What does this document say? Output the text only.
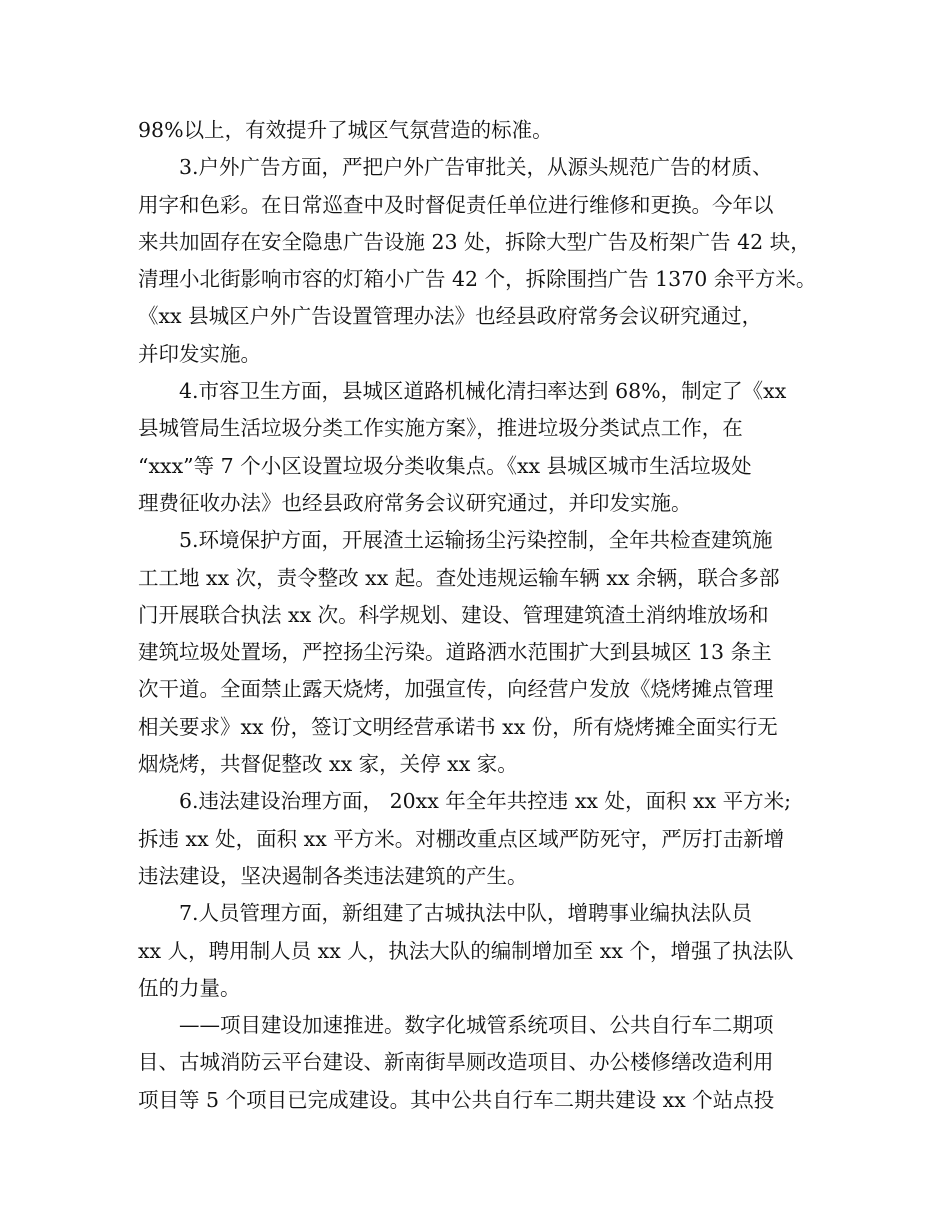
98%以上，有效提升了城区气氛营造的标准。
3.户外广告方面，严把户外广告审批关，从源头规范广告的材质、
用字和色彩。在日常巡查中及时督促责任单位进行维修和更换。今年以
来共加固存在安全隐患广告设施 23 处，拆除大型广告及桁架广告 42 块，
清理小北街影响市容的灯箱小广告 42 个，拆除围挡广告 1370 余平方米。
《xx 县城区户外广告设置管理办法》也经县政府常务会议研究通过，
并印发实施。
4.市容卫生方面，县城区道路机械化清扫率达到 68%，制定了《xx
县城管局生活垃圾分类工作实施方案》，推进垃圾分类试点工作，在
“xxx”等 7 个小区设置垃圾分类收集点。《xx 县城区城市生活垃圾处
理费征收办法》也经县政府常务会议研究通过，并印发实施。
5.环境保护方面，开展渣土运输扬尘污染控制，全年共检查建筑施
工工地 xx 次，责令整改 xx 起。查处违规运输车辆 xx 余辆，联合多部
门开展联合执法 xx 次。科学规划、建设、管理建筑渣土消纳堆放场和
建筑垃圾处置场，严控扬尘污染。道路洒水范围扩大到县城区 13 条主
次干道。全面禁止露天烧烤，加强宣传，向经营户发放《烧烤摊点管理
相关要求》xx 份，签订文明经营承诺书 xx 份，所有烧烤摊全面实行无
烟烧烤，共督促整改 xx 家，关停 xx 家。
6.违法建设治理方面， 20xx 年全年共控违 xx 处，面积 xx 平方米;
拆违 xx 处，面积 xx 平方米。对棚改重点区域严防死守，严厉打击新增
违法建设，坚决遏制各类违法建筑的产生。
7.人员管理方面，新组建了古城执法中队，增聘事业编执法队员
xx 人，聘用制人员 xx 人，执法大队的编制增加至 xx 个，增强了执法队
伍的力量。
——项目建设加速推进。数字化城管系统项目、公共自行车二期项
目、古城消防云平台建设、新南街旱厕改造项目、办公楼修缮改造利用
项目等 5 个项目已完成建设。其中公共自行车二期共建设 xx 个站点投
